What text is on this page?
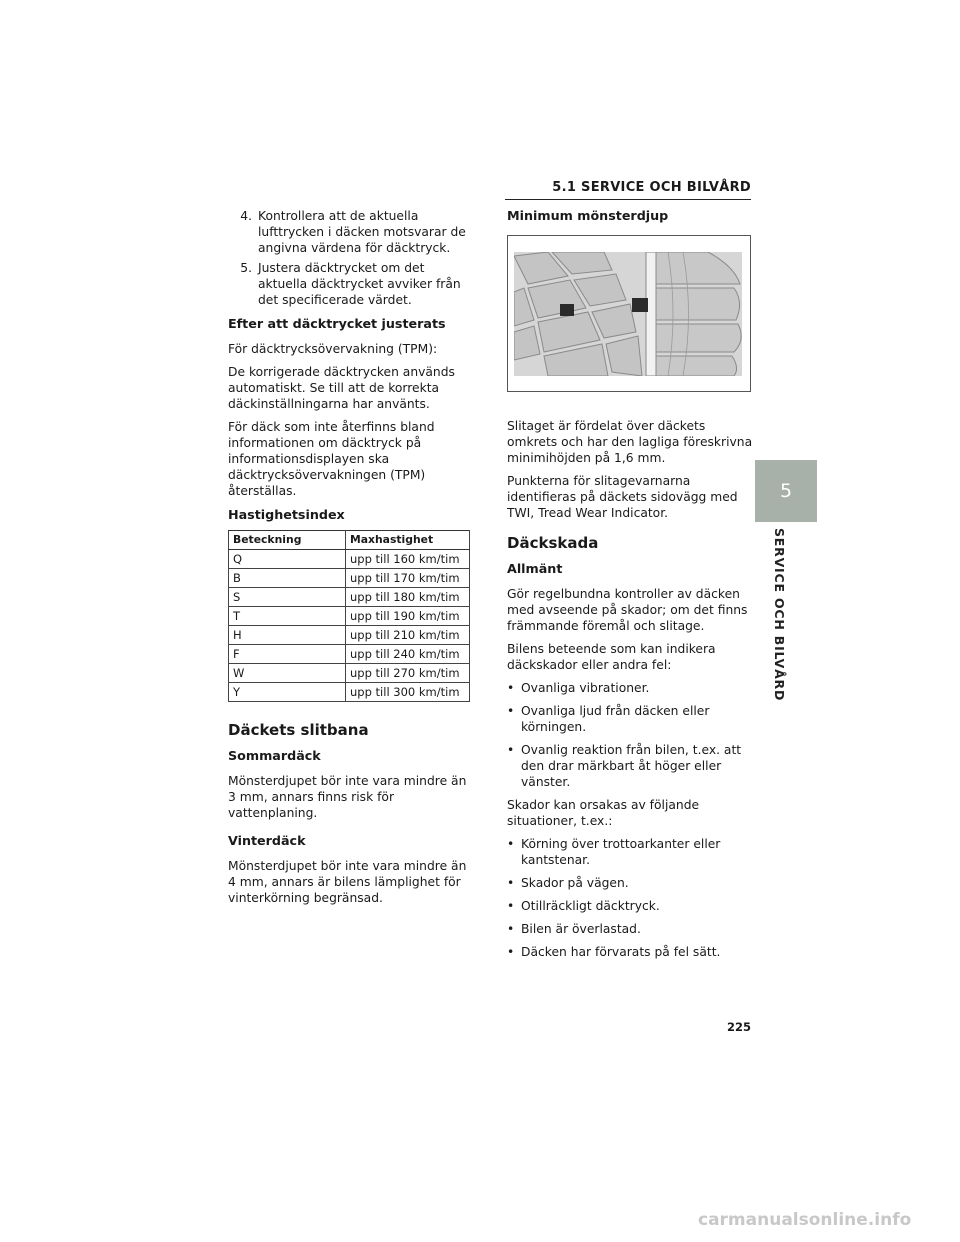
5.1 SERVICE OCH BILVÅRD
4. Kontrollera att de aktuella lufttrycken i däcken motsvarar de angivna värdena för däcktryck.
5. Justera däcktrycket om det aktuella däcktrycket avviker från det specificerade värdet.
Efter att däcktrycket justerats

För däcktrycksövervakning (TPM):

De korrigerade däcktrycken används automatiskt. Se till att de korrekta däckinställningarna har använts.

För däck som inte återfinns bland informationen om däcktryck på informationsdisplayen ska däcktrycksövervakningen (TPM) återställas.

Hastighetsindex
Beteckning	Maxhastighet
Q	upp till 160 km/tim
B	upp till 170 km/tim
S	upp till 180 km/tim
T	upp till 190 km/tim
H	upp till 210 km/tim
F	upp till 240 km/tim
W	upp till 270 km/tim
Y	upp till 300 km/tim
Däckets slitbana
Sommardäck

Mönsterdjupet bör inte vara mindre än 3 mm, annars finns risk för vattenplaning.

Vinterdäck

Mönsterdjupet bör inte vara mindre än 4 mm, annars är bilens lämplighet för vinterkörning begränsad.

Minimum mönsterdjup

Slitaget är fördelat över däckets omkrets och har den lagliga föreskrivna minimihöjden på 1,6 mm.

Punkterna för slitagevarnarna identifieras på däckets sidovägg med TWI, Tread Wear Indicator.

Däckskada
Allmänt

Gör regelbundna kontroller av däcken med avseende på skador; om det finns främmande föremål och slitage.

Bilens beteende som kan indikera däckskador eller andra fel:

• Ovanliga vibrationer.
• Ovanliga ljud från däcken eller körningen.
• Ovanlig reaktion från bilen, t.ex. att den drar märkbart åt höger eller vänster.

Skador kan orsakas av följande situationer, t.ex.:

• Körning över trottoarkanter eller kantstenar.
• Skador på vägen.
• Otillräckligt däcktryck.
• Bilen är överlastad.
• Däcken har förvarats på fel sätt.
5
SERVICE OCH BILVÅRD
225
carmanualsonline.info
